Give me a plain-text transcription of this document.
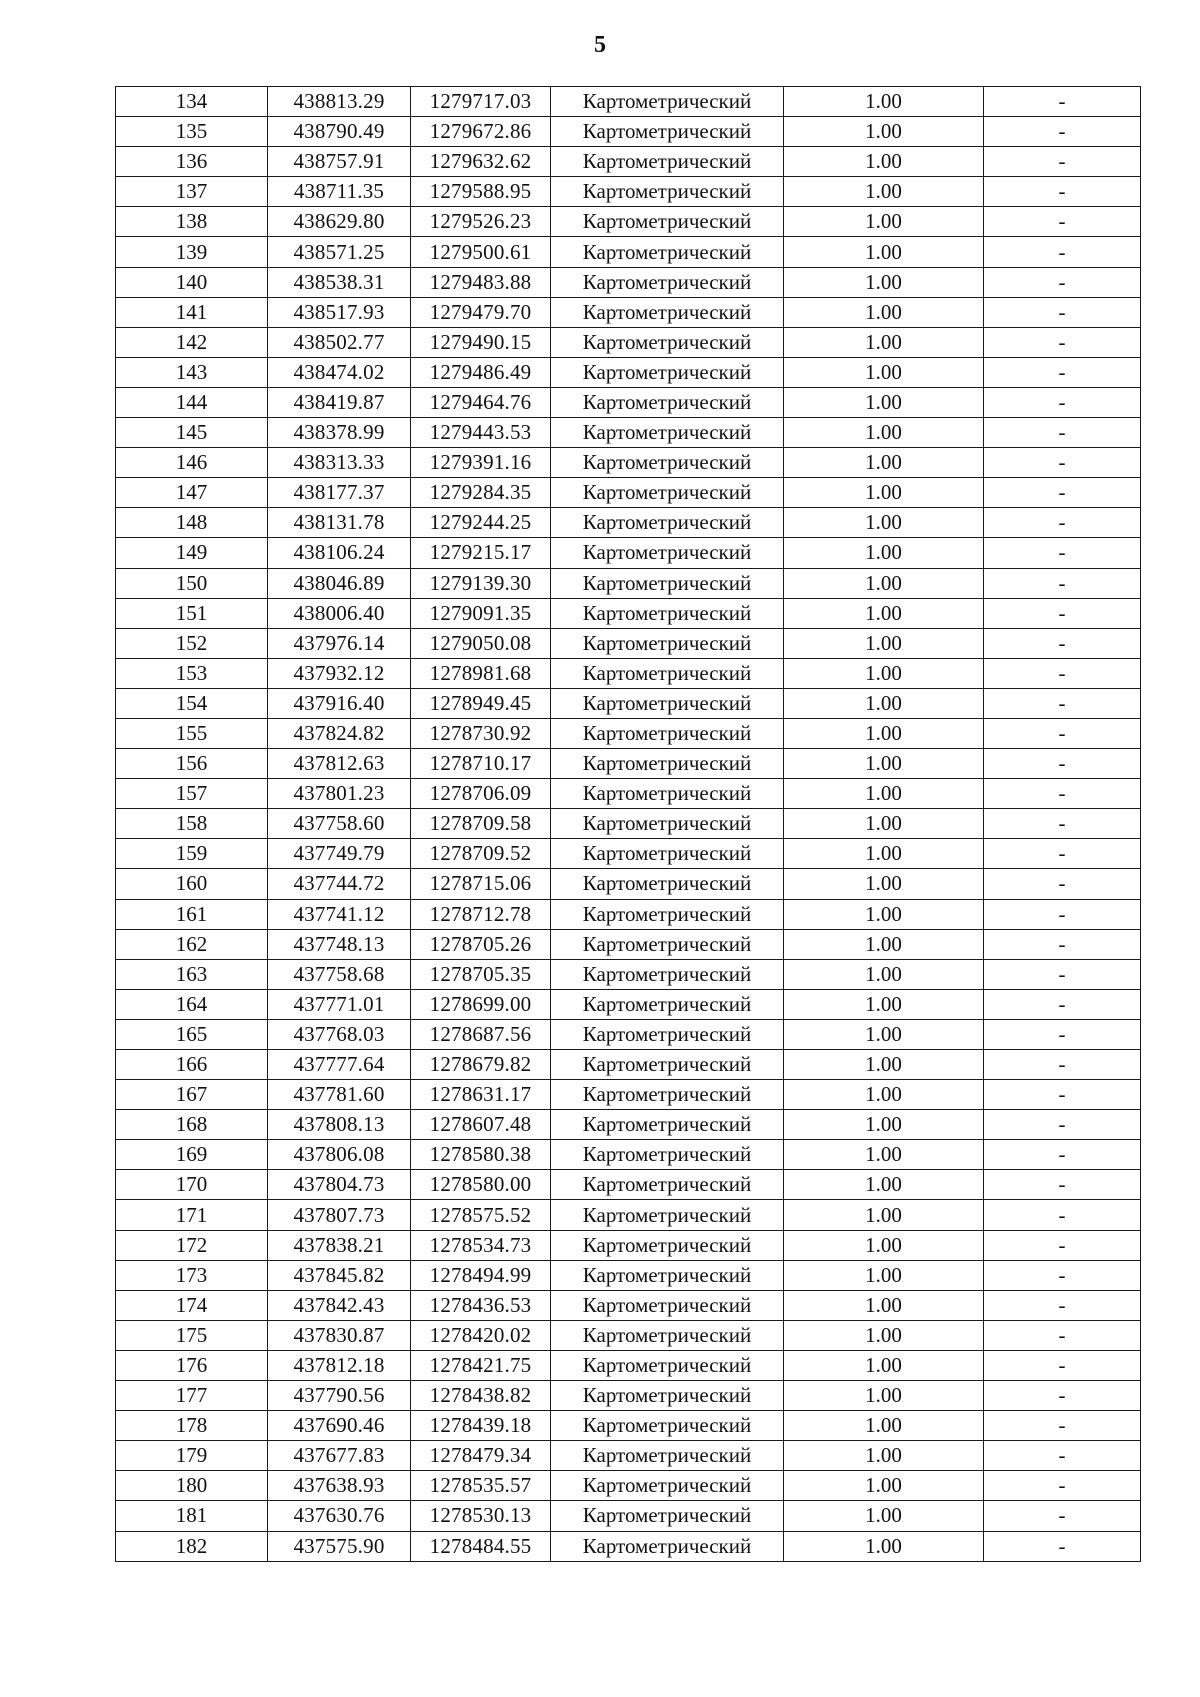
5
134	438813.29	1279717.03	Картометрический	1.00	-
135	438790.49	1279672.86	Картометрический	1.00	-
136	438757.91	1279632.62	Картометрический	1.00	-
137	438711.35	1279588.95	Картометрический	1.00	-
138	438629.80	1279526.23	Картометрический	1.00	-
139	438571.25	1279500.61	Картометрический	1.00	-
140	438538.31	1279483.88	Картометрический	1.00	-
141	438517.93	1279479.70	Картометрический	1.00	-
142	438502.77	1279490.15	Картометрический	1.00	-
143	438474.02	1279486.49	Картометрический	1.00	-
144	438419.87	1279464.76	Картометрический	1.00	-
145	438378.99	1279443.53	Картометрический	1.00	-
146	438313.33	1279391.16	Картометрический	1.00	-
147	438177.37	1279284.35	Картометрический	1.00	-
148	438131.78	1279244.25	Картометрический	1.00	-
149	438106.24	1279215.17	Картометрический	1.00	-
150	438046.89	1279139.30	Картометрический	1.00	-
151	438006.40	1279091.35	Картометрический	1.00	-
152	437976.14	1279050.08	Картометрический	1.00	-
153	437932.12	1278981.68	Картометрический	1.00	-
154	437916.40	1278949.45	Картометрический	1.00	-
155	437824.82	1278730.92	Картометрический	1.00	-
156	437812.63	1278710.17	Картометрический	1.00	-
157	437801.23	1278706.09	Картометрический	1.00	-
158	437758.60	1278709.58	Картометрический	1.00	-
159	437749.79	1278709.52	Картометрический	1.00	-
160	437744.72	1278715.06	Картометрический	1.00	-
161	437741.12	1278712.78	Картометрический	1.00	-
162	437748.13	1278705.26	Картометрический	1.00	-
163	437758.68	1278705.35	Картометрический	1.00	-
164	437771.01	1278699.00	Картометрический	1.00	-
165	437768.03	1278687.56	Картометрический	1.00	-
166	437777.64	1278679.82	Картометрический	1.00	-
167	437781.60	1278631.17	Картометрический	1.00	-
168	437808.13	1278607.48	Картометрический	1.00	-
169	437806.08	1278580.38	Картометрический	1.00	-
170	437804.73	1278580.00	Картометрический	1.00	-
171	437807.73	1278575.52	Картометрический	1.00	-
172	437838.21	1278534.73	Картометрический	1.00	-
173	437845.82	1278494.99	Картометрический	1.00	-
174	437842.43	1278436.53	Картометрический	1.00	-
175	437830.87	1278420.02	Картометрический	1.00	-
176	437812.18	1278421.75	Картометрический	1.00	-
177	437790.56	1278438.82	Картометрический	1.00	-
178	437690.46	1278439.18	Картометрический	1.00	-
179	437677.83	1278479.34	Картометрический	1.00	-
180	437638.93	1278535.57	Картометрический	1.00	-
181	437630.76	1278530.13	Картометрический	1.00	-
182	437575.90	1278484.55	Картометрический	1.00	-
